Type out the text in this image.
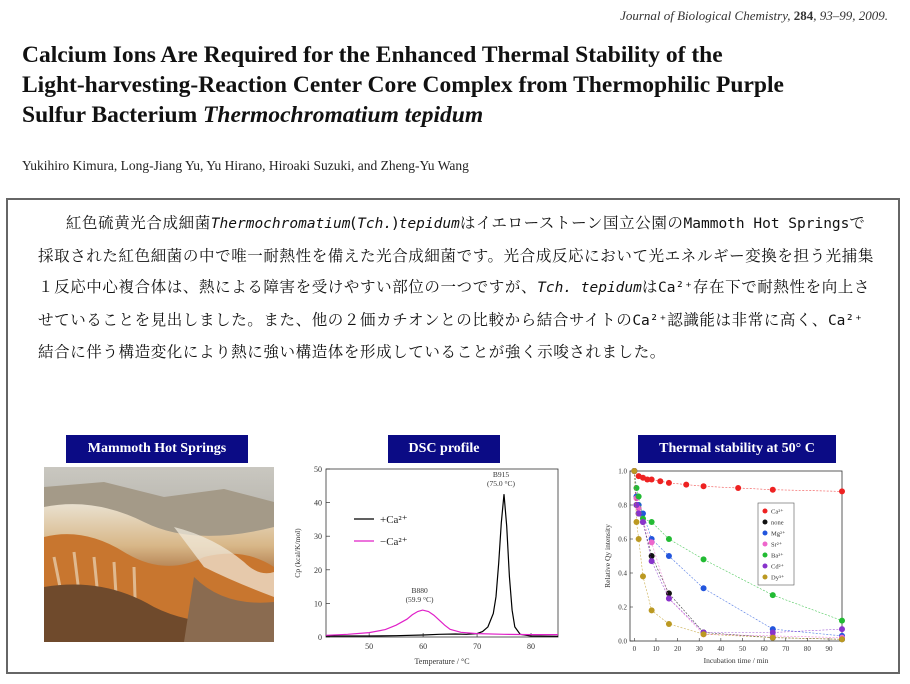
Journal of Biological Chemistry, 284, 93–99, 2009.
Calcium Ions Are Required for the Enhanced Thermal Stability of the
Light-harvesting-Reaction Center Core Complex from Thermophilic Purple
Sulfur Bacterium Thermochromatium tepidum
Yukihiro Kimura, Long-Jiang Yu, Yu Hirano, Hiroaki Suzuki, and Zheng-Yu Wang

紅色硫黄光合成細菌Thermochromatium(Tch.)tepidumはイエローストーン国立公園のMammoth Hot Springsで採取された紅色細菌の中で唯一耐熱性を備えた光合成細菌です。光合成反応において光エネルギー変換を担う光捕集１反応中心複合体は、熱による障害を受けやすい部位の一つですが、Tch. tepidumはCa²⁺存在下で耐熱性を向上させていることを見出しました。また、他の２価カチオンとの比較から結合サイトのCa²⁺認識能は非常に高く、Ca²⁺結合に伴う構造変化により熱に強い構造体を形成していることが強く示唆されました。

Mammoth Hot Springs	DSC profile	Thermal stability at 50° C
50	60	70	80
0
10
20
30
40
50
Temperature / °C
Cp (kcal/K/mol)
+Ca²⁺
−Ca²⁺
B880
(59.9 °C)
B915
(75.0 °C)
0 10 20 30 40 50 60 70 80 90
0.0
0.2
0.4
0.6
0.8
1.0
Incubation time / min
Relative Qy intensity
Ca²⁺
none
Mg²⁺
Sr²⁺
Ba²⁺
Cd²⁺
Dy³⁺
